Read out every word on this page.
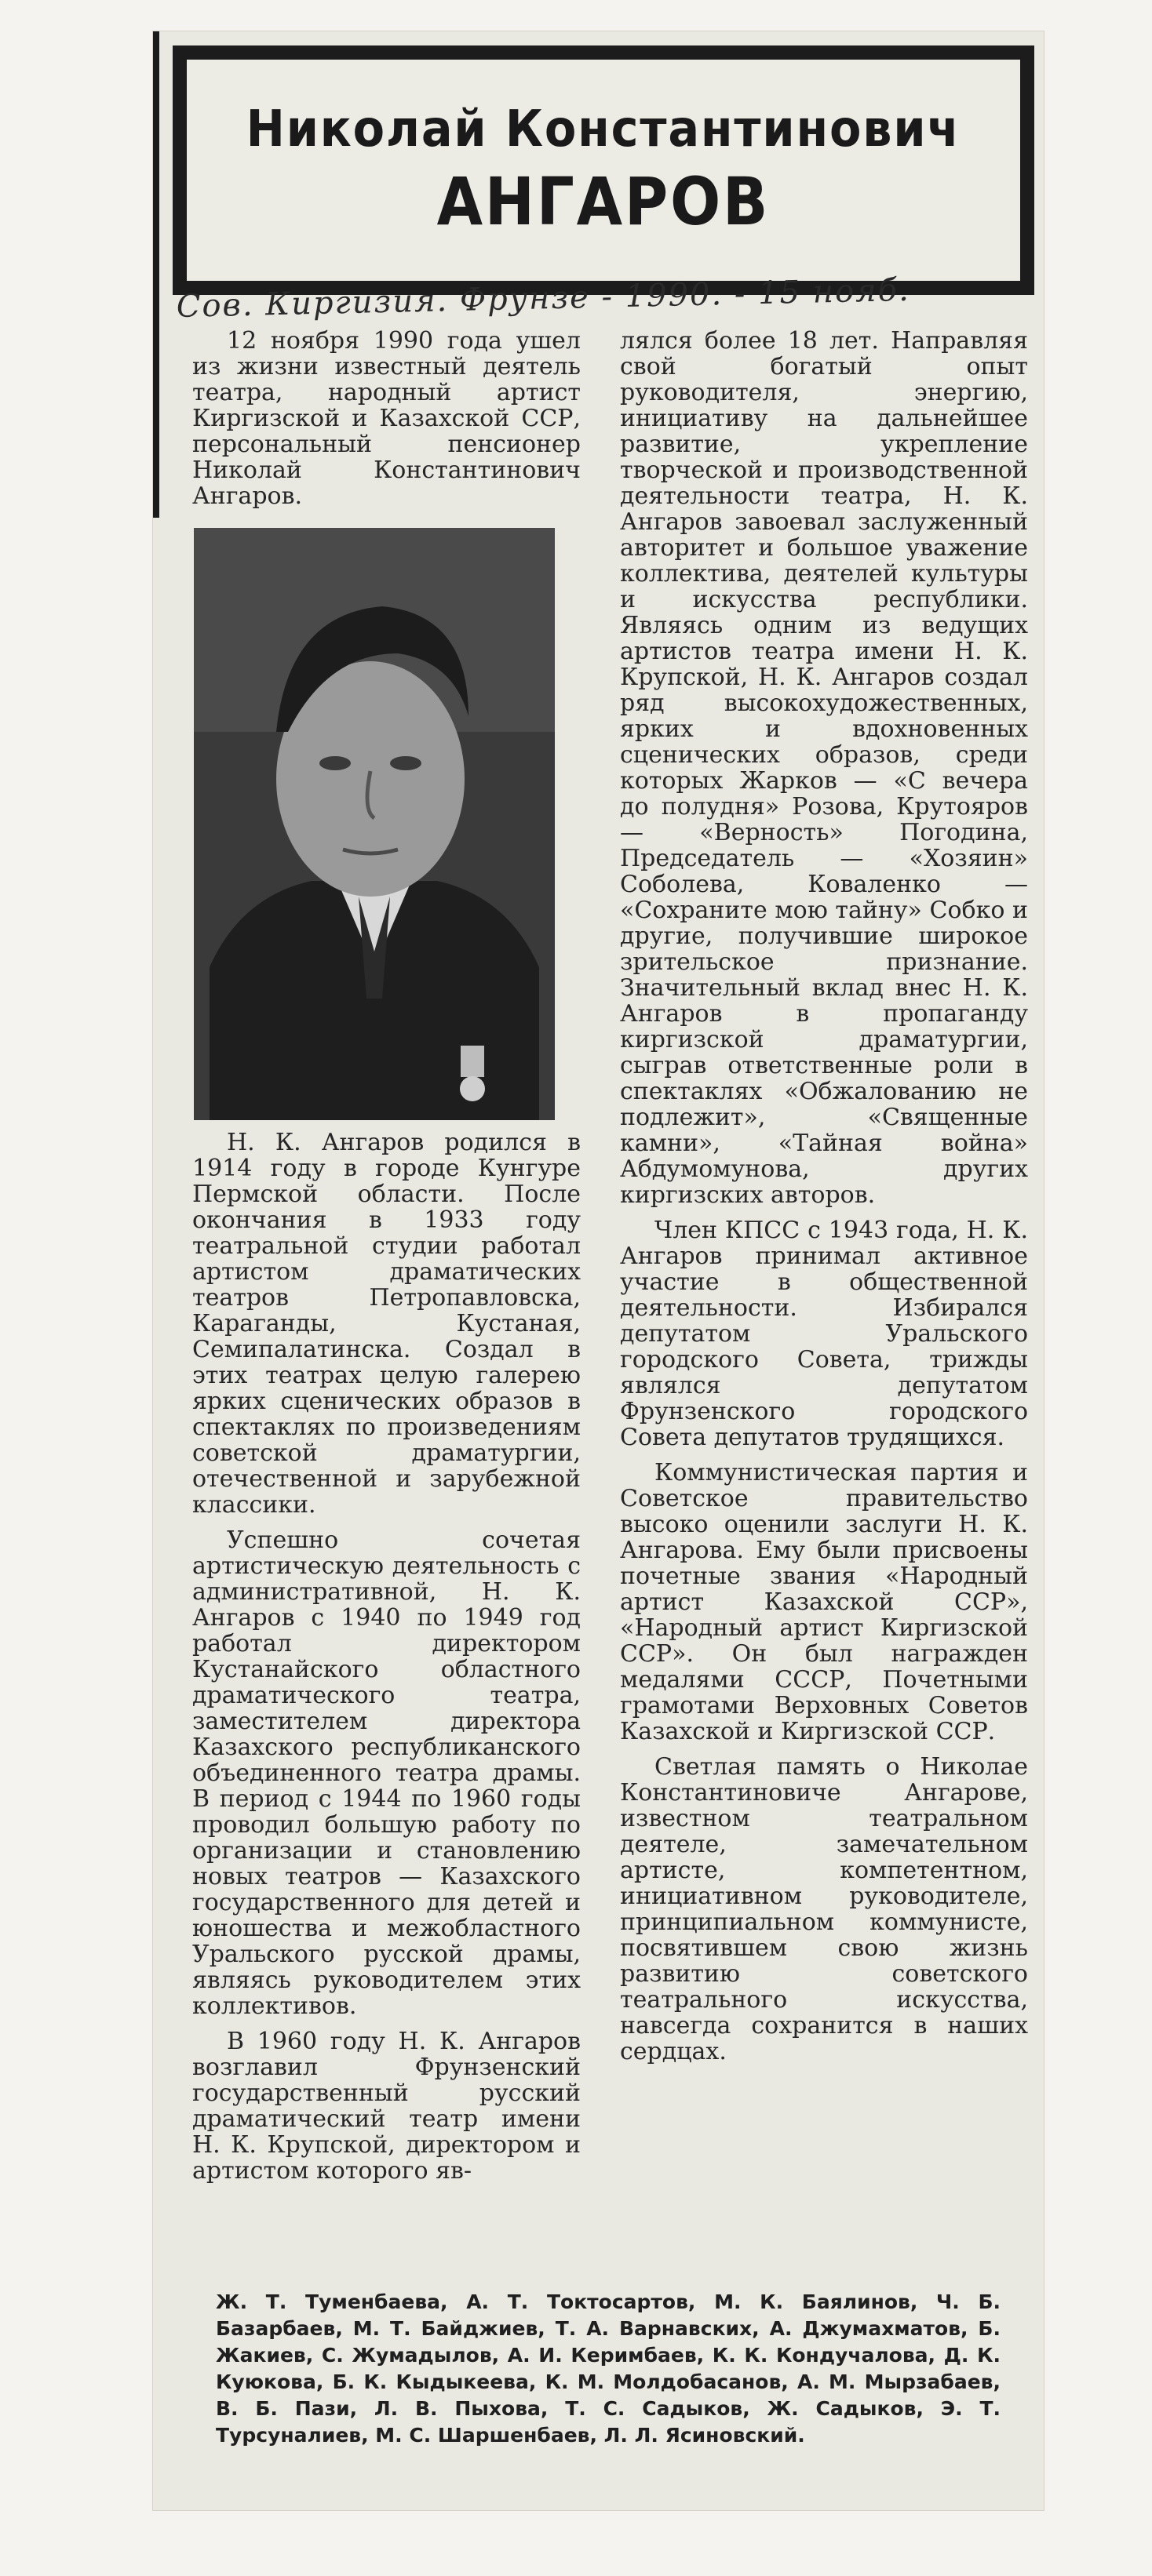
Николай Константинович
АНГАРОВ
Сов. Киргизия. Фрунзе - 1990. - 15 нояб.

12 ноября 1990 года ушел из жизни известный деятель театра, народный артист Киргизской и Казахской ССР, персональный пенсионер Николай Константинович Ангаров.

Н. К. Ангаров родился в 1914 году в городе Кунгуре Пермской области. После окончания в 1933 году театральной студии работал артистом драматических театров Петропавловска, Караганды, Кустаная, Семипалатинска. Создал в этих театрах целую галерею ярких сценических образов в спектаклях по произведениям советской драматургии, отечественной и зарубежной классики.

Успешно сочетая артистическую деятельность с административной, Н. К. Ангаров с 1940 по 1949 год работал директором Кустанайского областного драматического театра, заместителем директора Казахского республиканского объединенного театра драмы. В период с 1944 по 1960 годы проводил большую работу по организации и становлению новых театров — Казахского государственного для детей и юношества и межобластного Уральского русской драмы, являясь руководителем этих коллективов.

В 1960 году Н. К. Ангаров возглавил Фрунзенский государственный русский драматический театр имени Н. К. Крупской, директором и артистом которого яв-

лялся более 18 лет. Направляя свой богатый опыт руководителя, энергию, инициативу на дальнейшее развитие, укрепление творческой и производственной деятельности театра, Н. К. Ангаров завоевал заслуженный авторитет и большое уважение коллектива, деятелей культуры и искусства республики. Являясь одним из ведущих артистов театра имени Н. К. Крупской, Н. К. Ангаров создал ряд высокохудожественных, ярких и вдохновенных сценических образов, среди которых Жарков — «С вечера до полудня» Розова, Крутояров — «Верность» Погодина, Председатель — «Хозяин» Соболева, Коваленко — «Сохраните мою тайну» Собко и другие, получившие широкое зрительское признание. Значительный вклад внес Н. К. Ангаров в пропаганду киргизской драматургии, сыграв ответственные роли в спектаклях «Обжалованию не подлежит», «Священные камни», «Тайная война» Абдумомунова, других киргизских авторов.

Член КПСС с 1943 года, Н. К. Ангаров принимал активное участие в общественной деятельности. Избирался депутатом Уральского городского Совета, трижды являлся депутатом Фрунзенского городского Совета депутатов трудящихся.

Коммунистическая партия и Советское правительство высоко оценили заслуги Н. К. Ангарова. Ему были присвоены почетные звания «Народный артист Казахской ССР», «Народный артист Киргизской ССР». Он был награжден медалями СССР, Почетными грамотами Верховных Советов Казахской и Киргизской ССР.

Светлая память о Николае Константиновиче Ангарове, известном театральном деятеле, замечательном артисте, компетентном, инициативном руководителе, принципиальном коммунисте, посвятившем свою жизнь развитию советского театрального искусства, навсегда сохранится в наших сердцах.

Ж. Т. Туменбаева, А. Т. Токтосартов, М. К. Баялинов, Ч. Б. Базарбаев, М. Т. Байджиев, Т. А. Варнавских, А. Джумахматов, Б. Жакиев, С. Жумадылов, А. И. Керимбаев, К. К. Кондучалова, Д. К. Куюкова, Б. К. Кыдыкеева, К. М. Молдобасанов, А. М. Мырзабаев, В. Б. Пази, Л. В. Пыхова, Т. С. Садыков, Ж. Садыков, Э. Т. Турсуналиев, М. С. Шаршенбаев, Л. Л. Ясиновский.
